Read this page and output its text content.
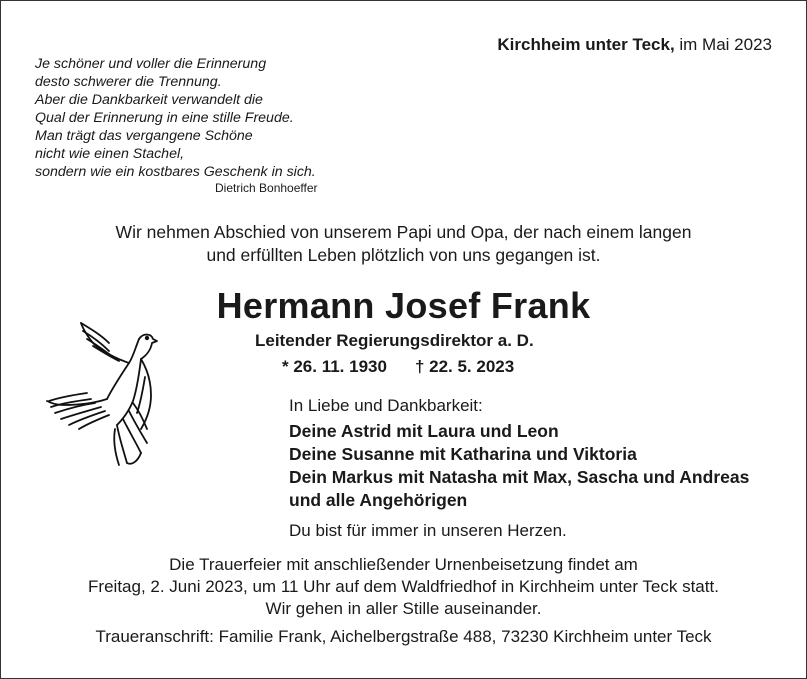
Kirchheim unter Teck, im Mai 2023
Je schöner und voller die Erinnerung
desto schwerer die Trennung.
Aber die Dankbarkeit verwandelt die
Qual der Erinnerung in eine stille Freude.
Man trägt das vergangene Schöne
nicht wie einen Stachel,
sondern wie ein kostbares Geschenk in sich.
Dietrich Bonhoeffer
Wir nehmen Abschied von unserem Papi und Opa, der nach einem langen
und erfüllten Leben plötzlich von uns gegangen ist.
Hermann Josef Frank
Leitender Regierungsdirektor a. D.
* 26. 11. 1930 † 22. 5. 2023
In Liebe und Dankbarkeit:
Deine Astrid mit Laura und Leon
Deine Susanne mit Katharina und Viktoria
Dein Markus mit Natasha mit Max, Sascha und Andreas
und alle Angehörigen
Du bist für immer in unseren Herzen.
Die Trauerfeier mit anschließender Urnenbeisetzung findet am
Freitag, 2. Juni 2023, um 11 Uhr auf dem Waldfriedhof in Kirchheim unter Teck statt.
Wir gehen in aller Stille auseinander.
Traueranschrift: Familie Frank, Aichelbergstraße 488, 73230 Kirchheim unter Teck
